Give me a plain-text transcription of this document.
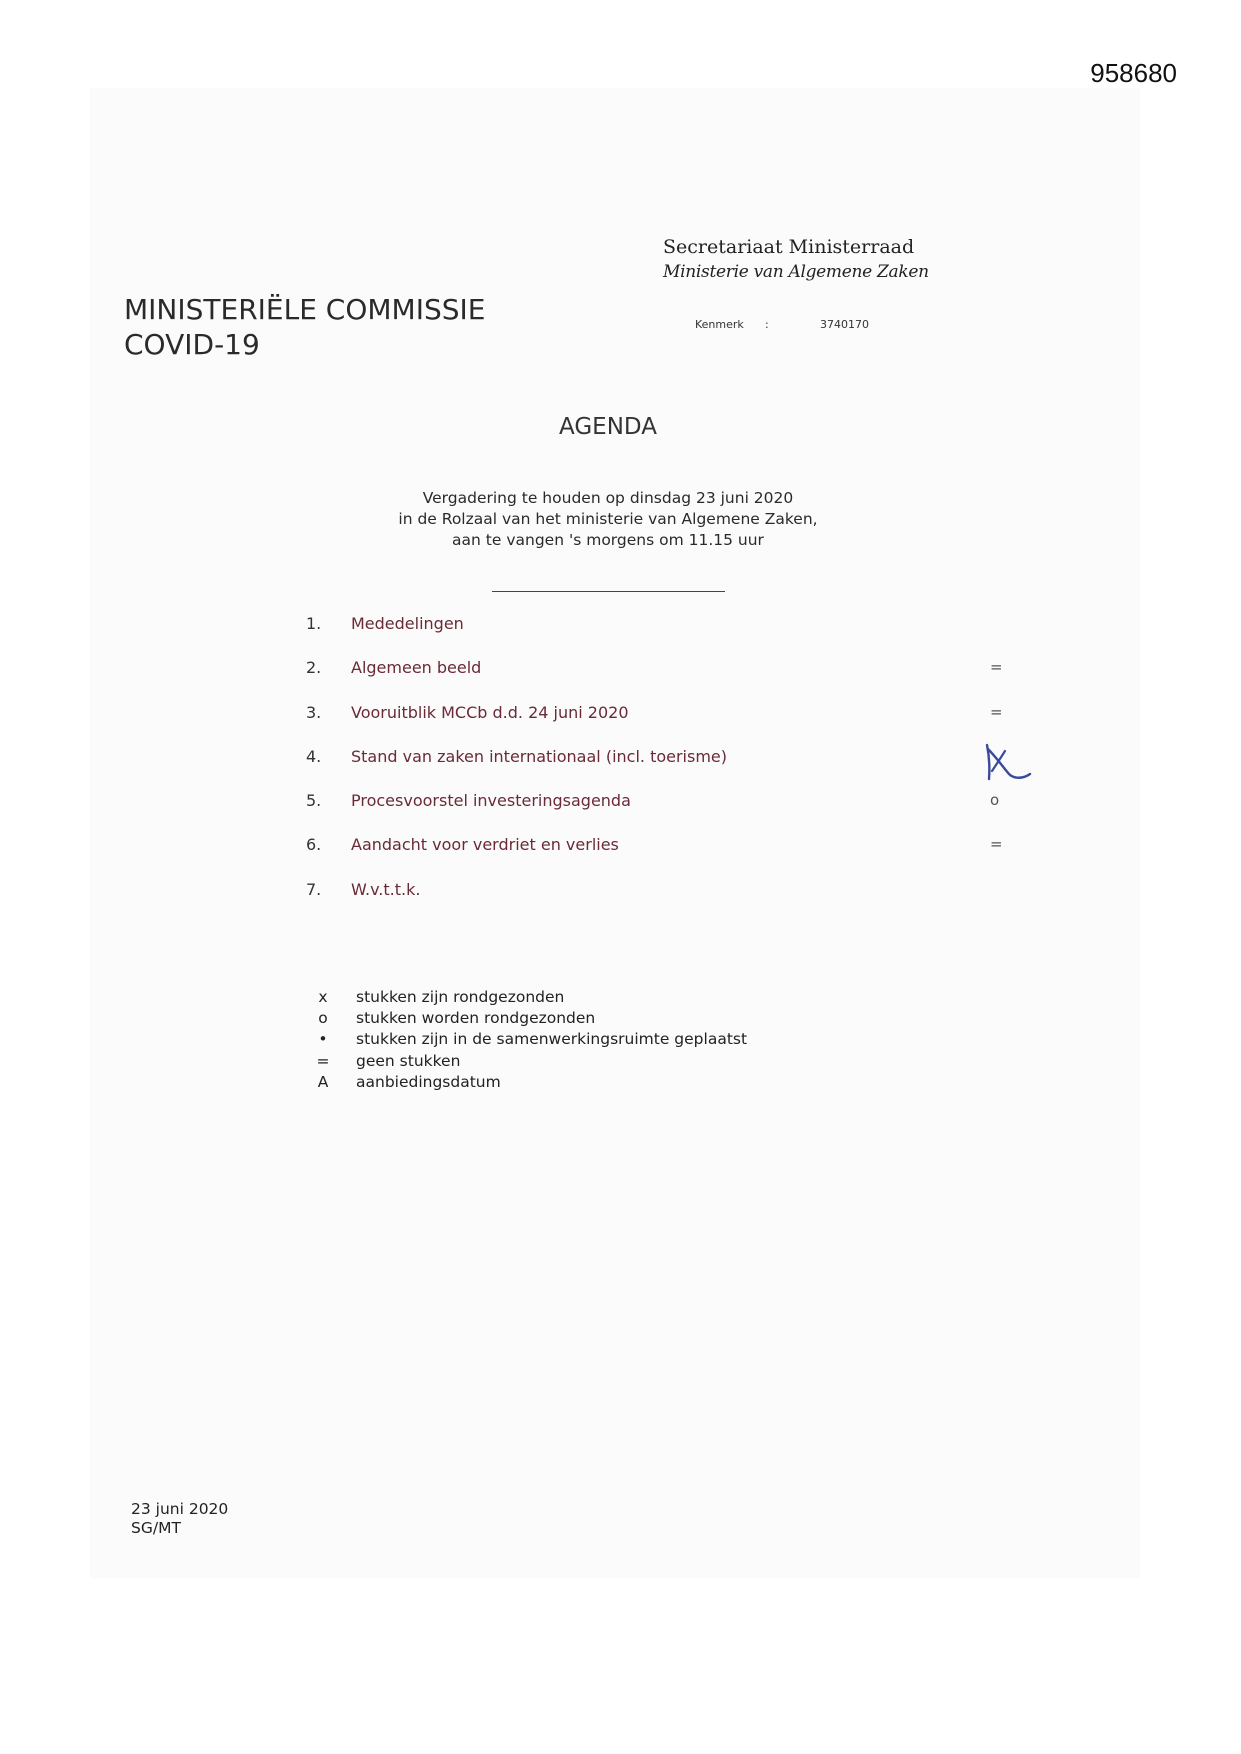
958680
Secretariaat Ministerraad
Ministerie van Algemene Zaken
MINISTERIËLE COMMISSIE
COVID-19
Kenmerk :	3740170
AGENDA
Vergadering te houden op dinsdag 23 juni 2020
in de Rolzaal van het ministerie van Algemene Zaken,
aan te vangen 's morgens om 11.15 uur
1. Mededelingen
2. Algemeen beeld	=
3. Vooruitblik MCCb d.d. 24 juni 2020	=
4. Stand van zaken internationaal (incl. toerisme)
5. Procesvoorstel investeringsagenda	o
6. Aandacht voor verdriet en verlies	=
7. W.v.t.t.k.
x	stukken zijn rondgezonden
o	stukken worden rondgezonden
•	stukken zijn in de samenwerkingsruimte geplaatst
= geen stukken
A	aanbiedingsdatum
23 juni 2020
SG/MT
